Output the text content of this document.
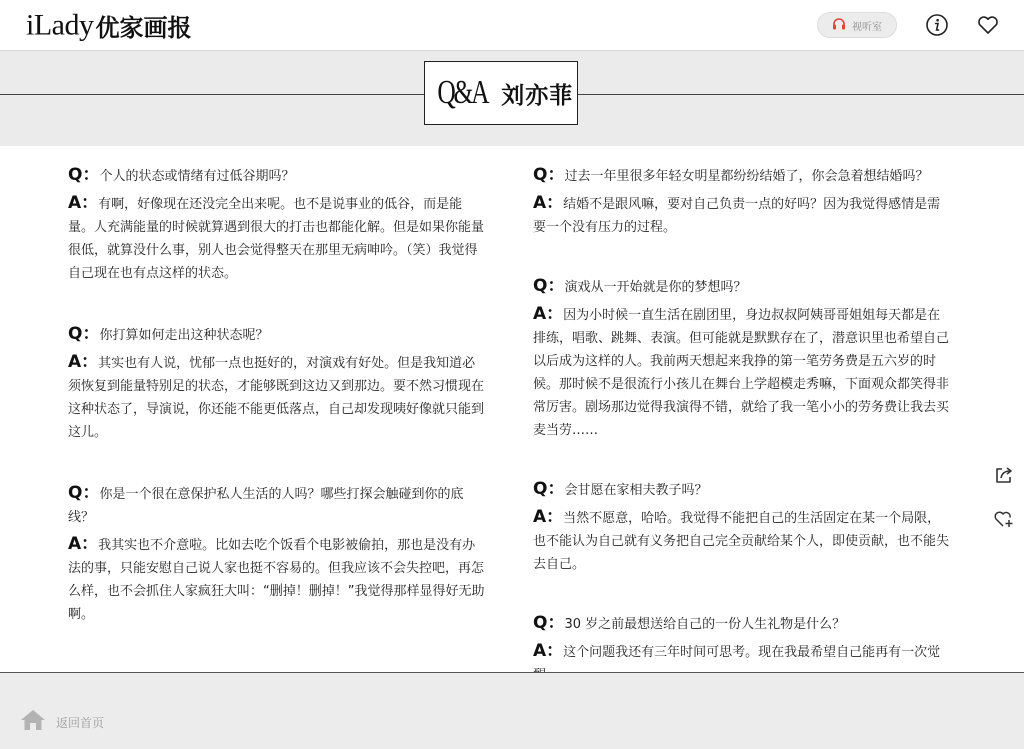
iLady优家画报	视听室
Q&A 刘亦菲

Q：个人的状态或情绪有过低谷期吗？

A：有啊，好像现在还没完全出来呢。也不是说事业的低谷，而是能量。人充满能量的时候就算遇到很大的打击也都能化解。但是如果你能量很低，就算没什么事，别人也会觉得整天在那里无病呻吟。（笑）我觉得自己现在也有点这样的状态。

Q：你打算如何走出这种状态呢？

A：其实也有人说，忧郁一点也挺好的，对演戏有好处。但是我知道必须恢复到能量特别足的状态，才能够既到这边又到那边。要不然习惯现在这种状态了，导演说，你还能不能更低落点，自己却发现咦好像就只能到这儿。

Q：你是一个很在意保护私人生活的人吗？哪些打探会触碰到你的底线？

A：我其实也不介意啦。比如去吃个饭看个电影被偷拍，那也是没有办法的事，只能安慰自己说人家也挺不容易的。但我应该不会失控吧，再怎么样，也不会抓住人家疯狂大叫：“删掉！删掉！”我觉得那样显得好无助啊。

Q：过去一年里很多年轻女明星都纷纷结婚了，你会急着想结婚吗？

A：结婚不是跟风嘛，要对自己负责一点的好吗？因为我觉得感情是需要一个没有压力的过程。

Q：演戏从一开始就是你的梦想吗？

A：因为小时候一直生活在剧团里，身边叔叔阿姨哥哥姐姐每天都是在排练，唱歌、跳舞、表演。但可能就是默默存在了，潜意识里也希望自己以后成为这样的人。我前两天想起来我挣的第一笔劳务费是五六岁的时候。那时候不是很流行小孩儿在舞台上学超模走秀嘛，下面观众都笑得非常厉害。剧场那边觉得我演得不错，就给了我一笔小小的劳务费让我去买麦当劳……

Q：会甘愿在家相夫教子吗？

A：当然不愿意，哈哈。我觉得不能把自己的生活固定在某一个局限，也不能认为自己就有义务把自己完全贡献给某个人，即使贡献，也不能失去自己。

Q：30 岁之前最想送给自己的一份人生礼物是什么？

A：这个问题我还有三年时间可思考。现在我最希望自己能再有一次觉

返回首页
